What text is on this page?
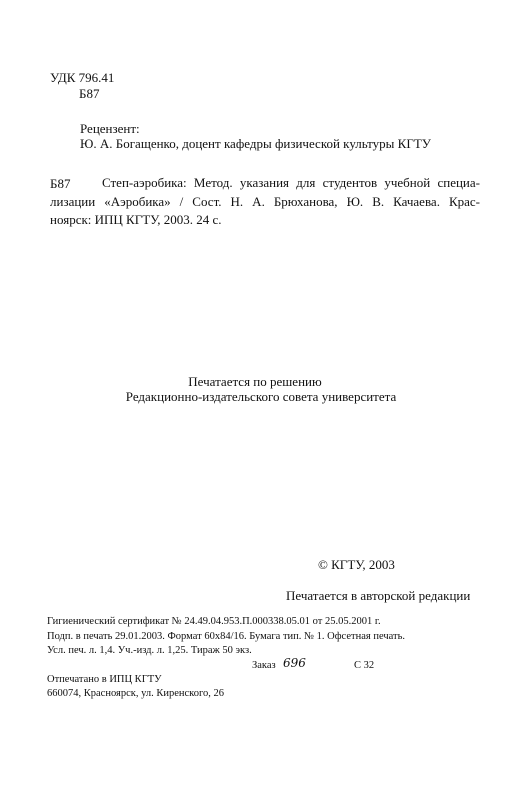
УДК 796.41
Б87
Рецензент:
Ю. А. Богащенко, доцент кафедры физической культуры КГТУ
Б87	Степ-аэробика: Метод. указания для студентов учебной специа-
лизации «Аэробика» / Сост. Н. А. Брюханова, Ю. В. Качаева. Крас-
ноярск: ИПЦ КГТУ, 2003. 24 с.
Печатается по решению
Редакционно-издательского совета университета
© КГТУ, 2003
Печатается в авторской редакции
Гигиенический сертификат № 24.49.04.953.П.000338.05.01 от 25.05.2001 г.
Подп. в печать 29.01.2003. Формат 60х84/16. Бумага тип. № 1. Офсетная печать.
Усл. печ. л. 1,4. Уч.-изд. л. 1,25. Тираж 50 экз.
Заказ 696	С 32
Отпечатано в ИПЦ КГТУ
660074, Красноярск, ул. Киренского, 26
